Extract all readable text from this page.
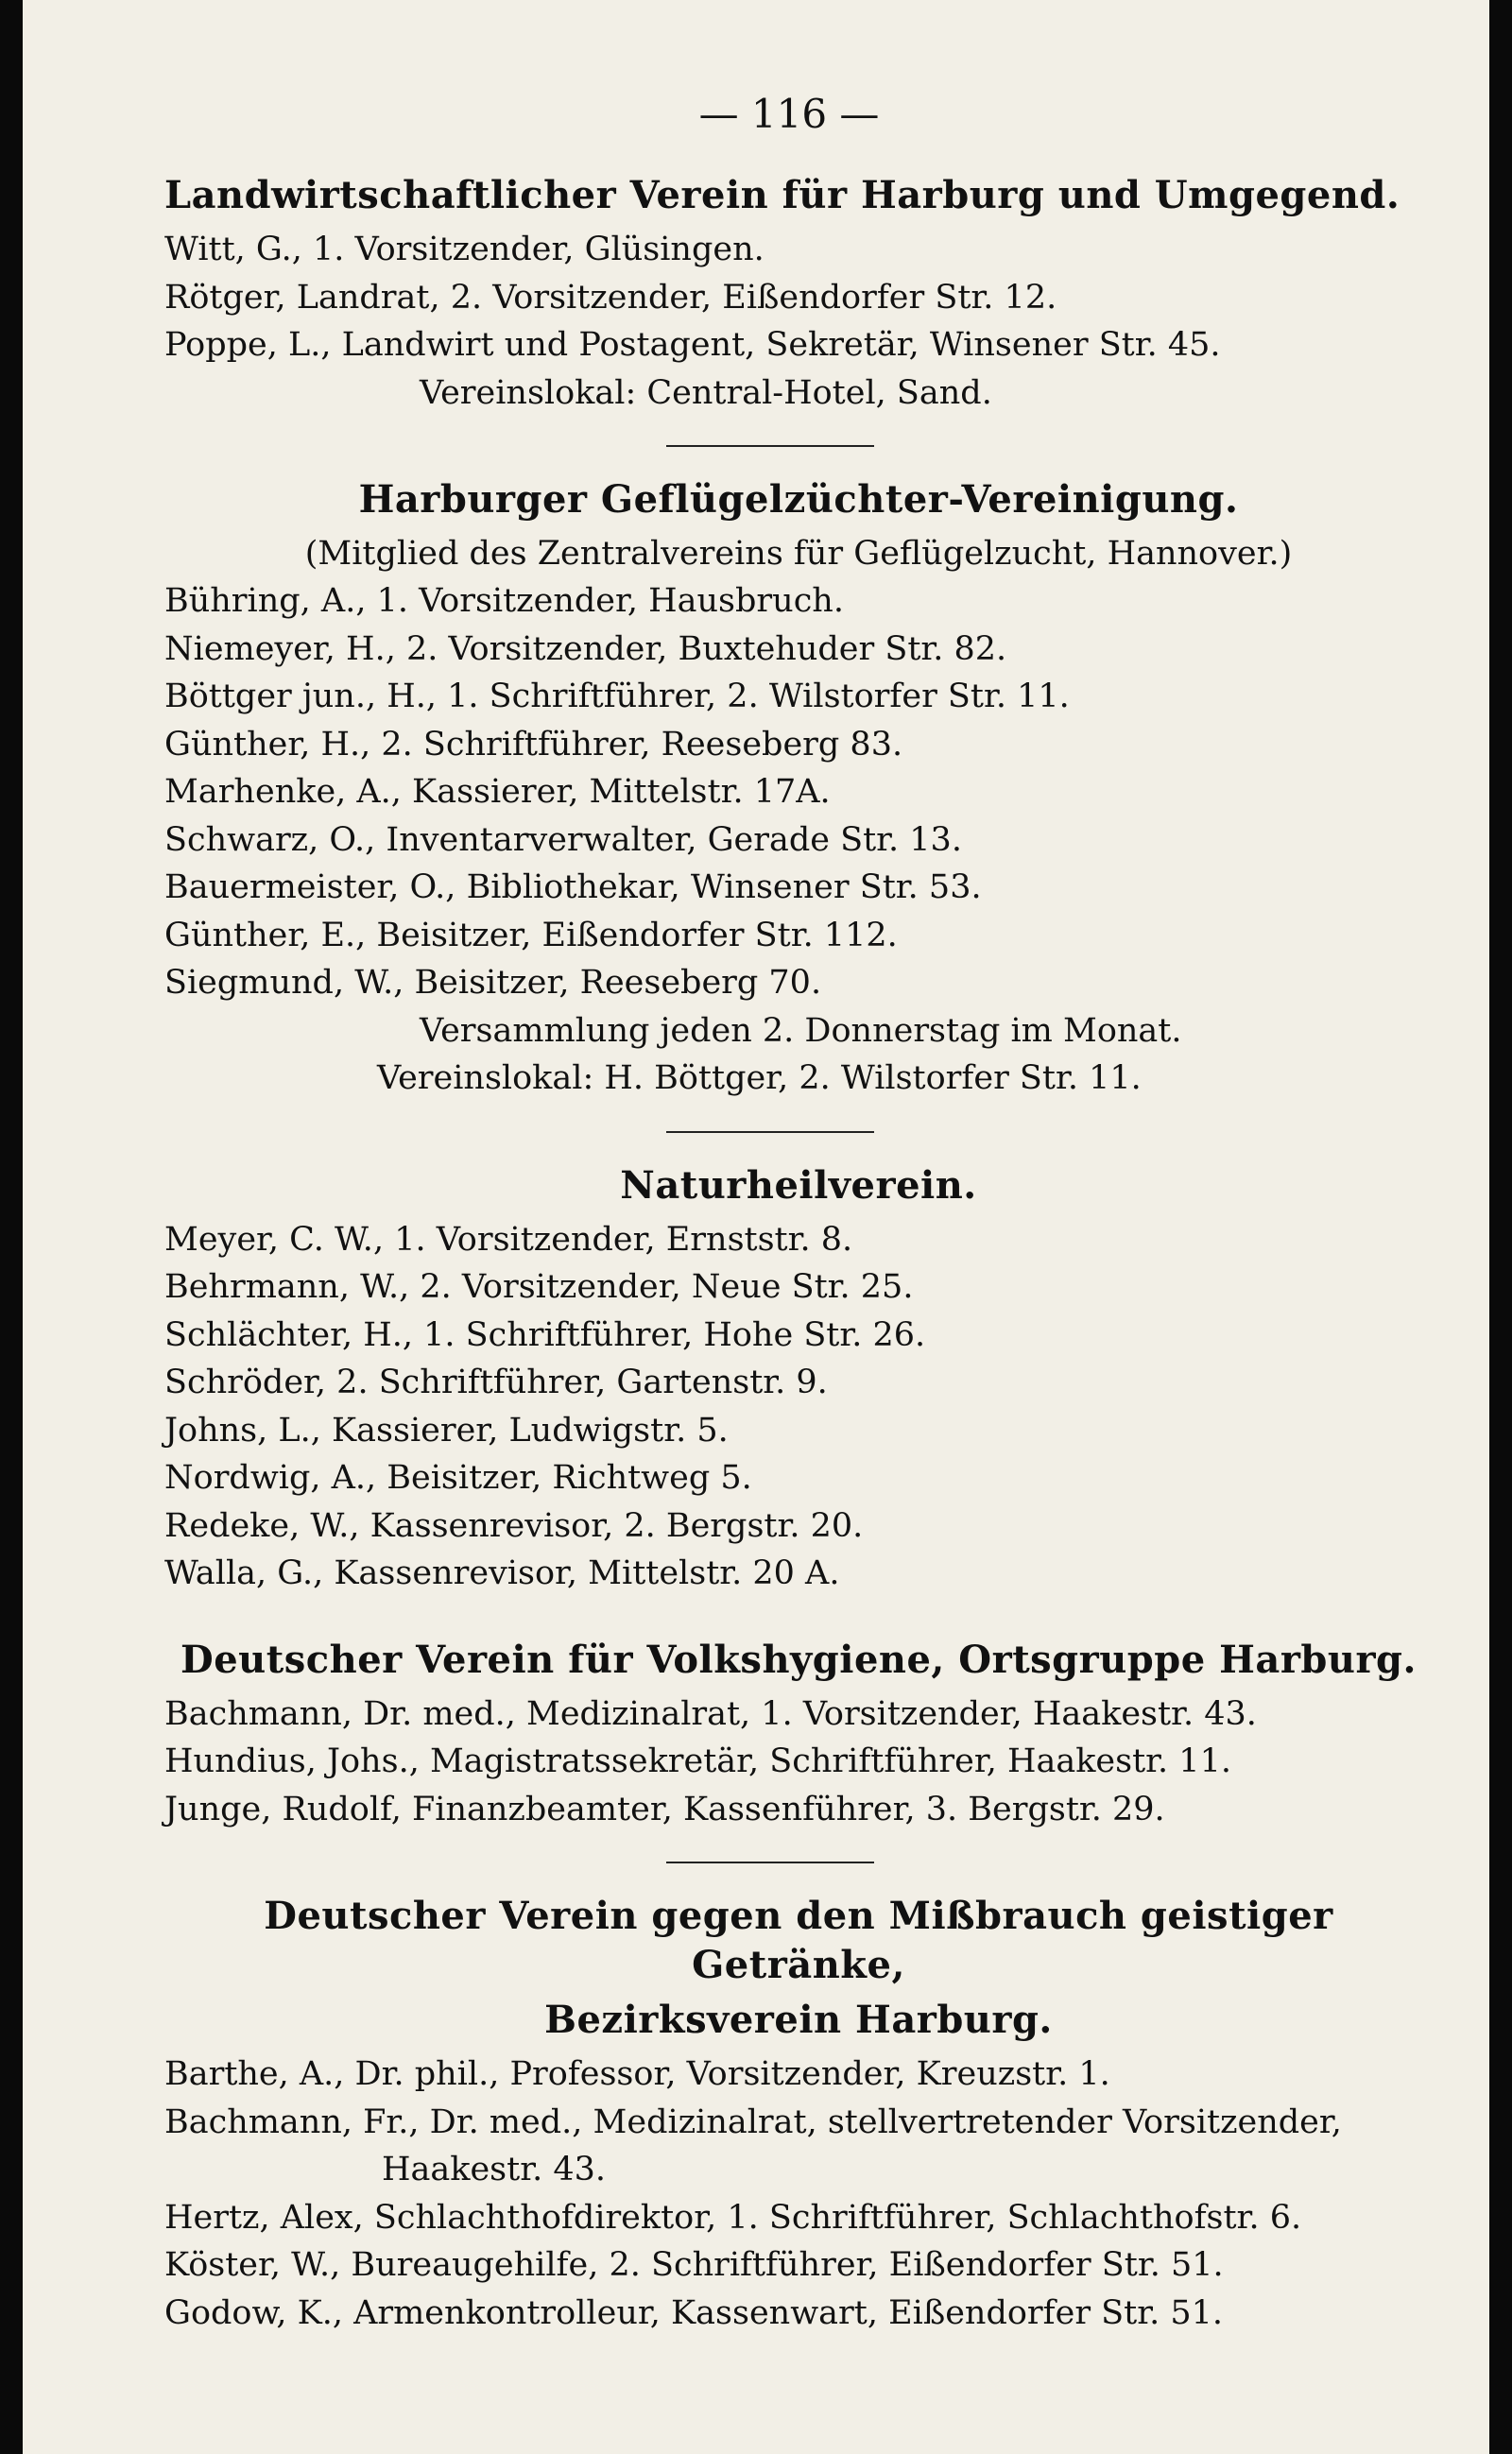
— 116 —
Landwirtschaftlicher Verein für Harburg und Umgegend.
Witt, G., 1. Vorsitzender, Glüsingen.
Rötger, Landrat, 2. Vorsitzender, Eißendorfer Str. 12.
Poppe, L., Landwirt und Postagent, Sekretär, Winsener Str. 45.
Vereinslokal: Central-Hotel, Sand.
Harburger Geflügelzüchter-Vereinigung.
(Mitglied des Zentralvereins für Geflügelzucht, Hannover.)
Bühring, A., 1. Vorsitzender, Hausbruch.
Niemeyer, H., 2. Vorsitzender, Buxtehuder Str. 82.
Böttger jun., H., 1. Schriftführer, 2. Wilstorfer Str. 11.
Günther, H., 2. Schriftführer, Reeseberg 83.
Marhenke, A., Kassierer, Mittelstr. 17A.
Schwarz, O., Inventarverwalter, Gerade Str. 13.
Bauermeister, O., Bibliothekar, Winsener Str. 53.
Günther, E., Beisitzer, Eißendorfer Str. 112.
Siegmund, W., Beisitzer, Reeseberg 70.
Versammlung jeden 2. Donnerstag im Monat.
Vereinslokal: H. Böttger, 2. Wilstorfer Str. 11.
Naturheilverein.
Meyer, C. W., 1. Vorsitzender, Ernststr. 8.
Behrmann, W., 2. Vorsitzender, Neue Str. 25.
Schlächter, H., 1. Schriftführer, Hohe Str. 26.
Schröder, 2. Schriftführer, Gartenstr. 9.
Johns, L., Kassierer, Ludwigstr. 5.
Nordwig, A., Beisitzer, Richtweg 5.
Redeke, W., Kassenrevisor, 2. Bergstr. 20.
Walla, G., Kassenrevisor, Mittelstr. 20 A.
Deutscher Verein für Volkshygiene, Ortsgruppe Harburg.
Bachmann, Dr. med., Medizinalrat, 1. Vorsitzender, Haakestr. 43.
Hundius, Johs., Magistratssekretär, Schriftführer, Haakestr. 11.
Junge, Rudolf, Finanzbeamter, Kassenführer, 3. Bergstr. 29.
Deutscher Verein gegen den Mißbrauch geistiger Getränke,
Bezirksverein Harburg.
Barthe, A., Dr. phil., Professor, Vorsitzender, Kreuzstr. 1.
Bachmann, Fr., Dr. med., Medizinalrat, stellvertretender Vorsitzender,
Haakestr. 43.
Hertz, Alex, Schlachthofdirektor, 1. Schriftführer, Schlachthofstr. 6.
Köster, W., Bureaugehilfe, 2. Schriftführer, Eißendorfer Str. 51.
Godow, K., Armenkontrolleur, Kassenwart, Eißendorfer Str. 51.
